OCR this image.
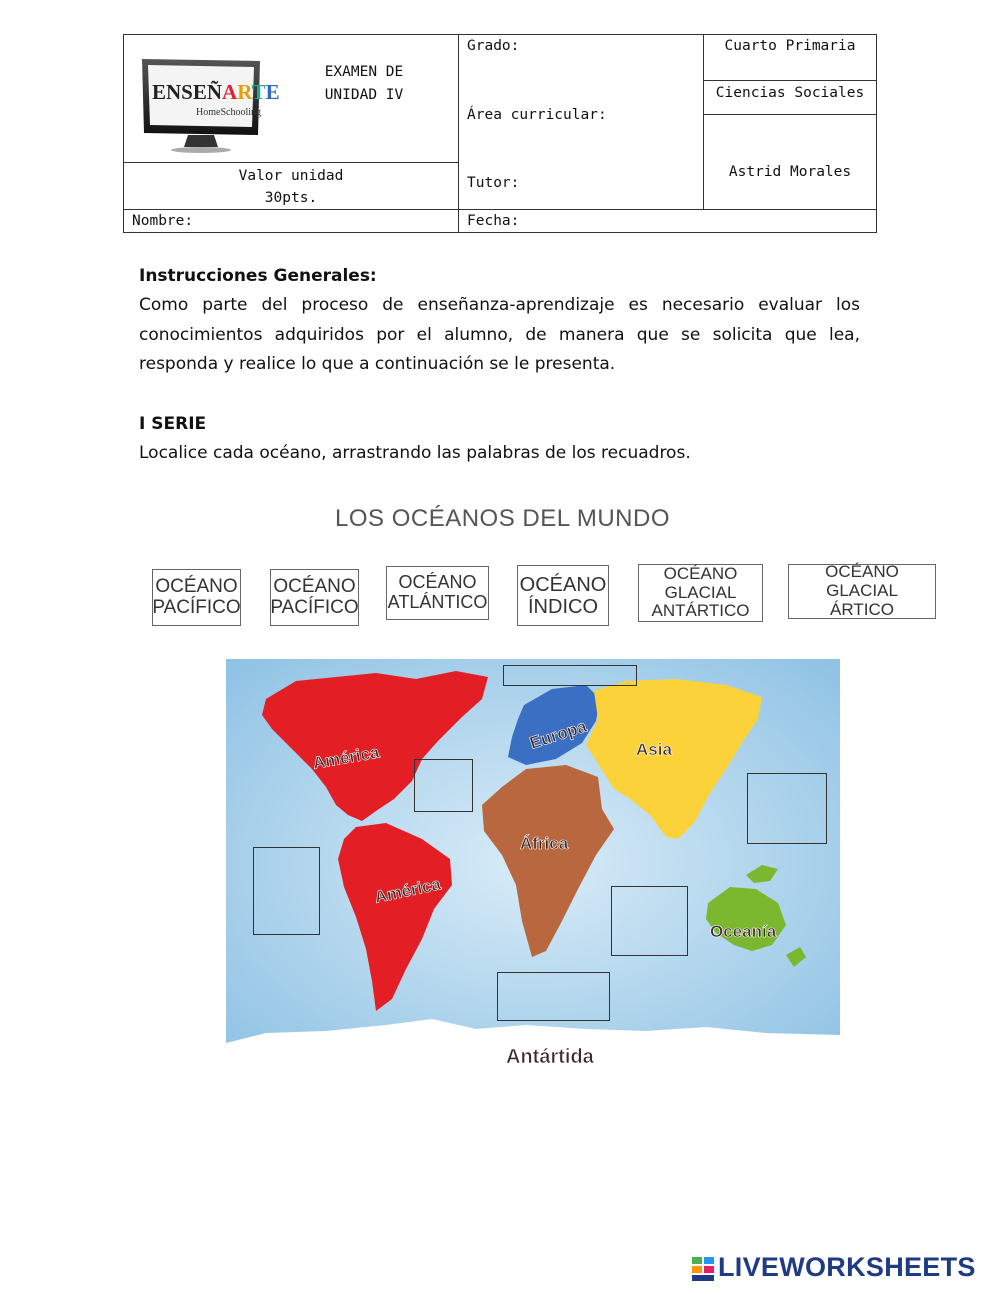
ENSEÑARTE
HomeSchooling
EXAMEN DE
UNIDAD IV
Valor unidad
30pts.
Grado:
Área curricular:
Tutor:
Cuarto Primaria
Ciencias Sociales
Astrid Morales
Nombre:	Fecha:
Instrucciones Generales:
Como parte del proceso de enseñanza-aprendizaje es necesario evaluar los conocimientos adquiridos por el alumno, de manera que se solicita que lea, responda y realice lo que a continuación se le presenta.
I SERIE
Localice cada océano, arrastrando las palabras de los recuadros.
LOS OCÉANOS DEL MUNDO
OCÉANO
PACÍFICO
OCÉANO
PACÍFICO
OCÉANO
ATLÁNTICO
OCÉANO
ÍNDICO
OCÉANO GLACIAL
ANTÁRTICO
OCÉANO GLACIAL
ÁRTICO
América
América
Europa	Asia
África
Oceanía
Antártida
LIVEWORKSHEETS
